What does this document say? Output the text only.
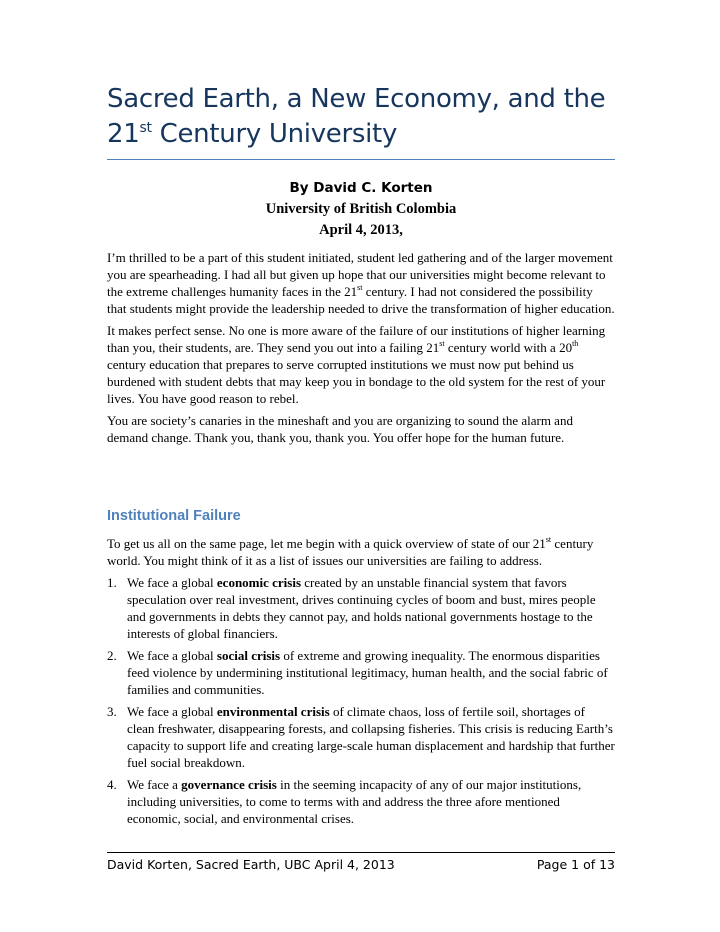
Sacred Earth, a New Economy, and the
21st Century University
By David C. Korten
University of British Colombia
April 4, 2013,

I’m thrilled to be a part of this student initiated, student led gathering and of the larger movement you are spearheading. I had all but given up hope that our universities might become relevant to the extreme challenges humanity faces in the 21st century. I had not considered the possibility that students might provide the leadership needed to drive the transformation of higher education.

It makes perfect sense. No one is more aware of the failure of our institutions of higher learning than you, their students, are. They send you out into a failing 21st century world with a 20th century education that prepares to serve corrupted institutions we must now put behind us burdened with student debts that may keep you in bondage to the old system for the rest of your lives. You have good reason to rebel.

You are society’s canaries in the mineshaft and you are organizing to sound the alarm and demand change. Thank you, thank you, thank you. You offer hope for the human future.

Institutional Failure

To get us all on the same page, let me begin with a quick overview of state of our 21st century world. You might think of it as a list of issues our universities are failing to address.

1. We face a global economic crisis created by an unstable financial system that favors speculation over real investment, drives continuing cycles of boom and bust, mires people and governments in debts they cannot pay, and holds national governments hostage to the interests of global financiers.
2. We face a global social crisis of extreme and growing inequality. The enormous disparities feed violence by undermining institutional legitimacy, human health, and the social fabric of families and communities.
3. We face a global environmental crisis of climate chaos, loss of fertile soil, shortages of clean freshwater, disappearing forests, and collapsing fisheries. This crisis is reducing Earth’s capacity to support life and creating large-scale human displacement and hardship that further fuel social breakdown.
4. We face a governance crisis in the seeming incapacity of any of our major institutions, including universities, to come to terms with and address the three afore mentioned economic, social, and environmental crises.
David Korten, Sacred Earth, UBC April 4, 2013	Page 1 of 13
